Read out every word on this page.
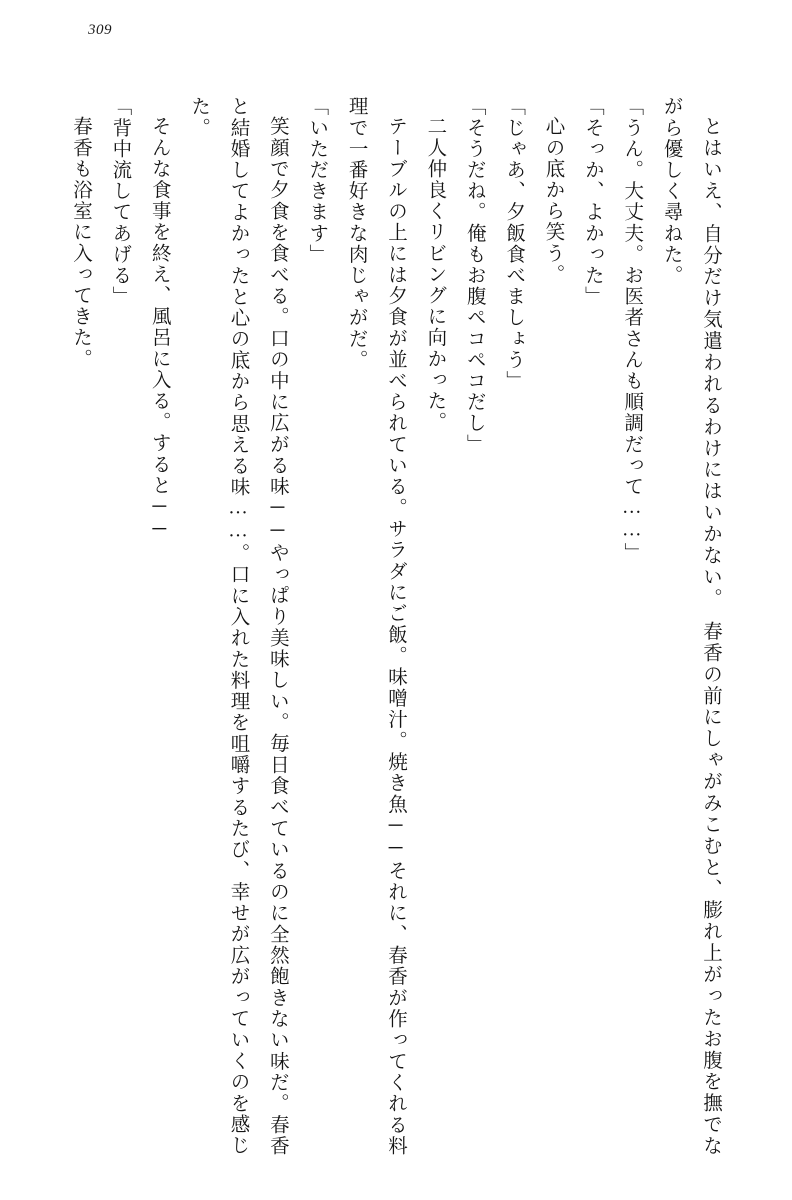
309

とはいえ、自分だけ気遣われるわけにはいかない。　春香の前にしゃがみこむと、膨れ上がったお腹を撫でながら優しく尋ねた。

「うん。大丈夫。お医者さんも順調だって……」

「そっか、よかった」

心の底から笑う。

「じゃあ、夕飯食べましょう」

「そうだね。俺もお腹ペコペコだし」

二人仲良くリビングに向かった。

テーブルの上には夕食が並べられている。サラダにご飯。味噌汁。焼き魚──それに、春香が作ってくれる料理で一番好きな肉じゃがだ。

「いただきます」

笑顔で夕食を食べる。口の中に広がる味──やっぱり美味しい。毎日食べているのに全然飽きない味だ。春香と結婚してよかったと心の底から思える味……。口に入れた料理を咀嚼するたび、幸せが広がっていくのを感じた。

そんな食事を終え、風呂に入る。すると──

「背中流してあげる」

春香も浴室に入ってきた。
